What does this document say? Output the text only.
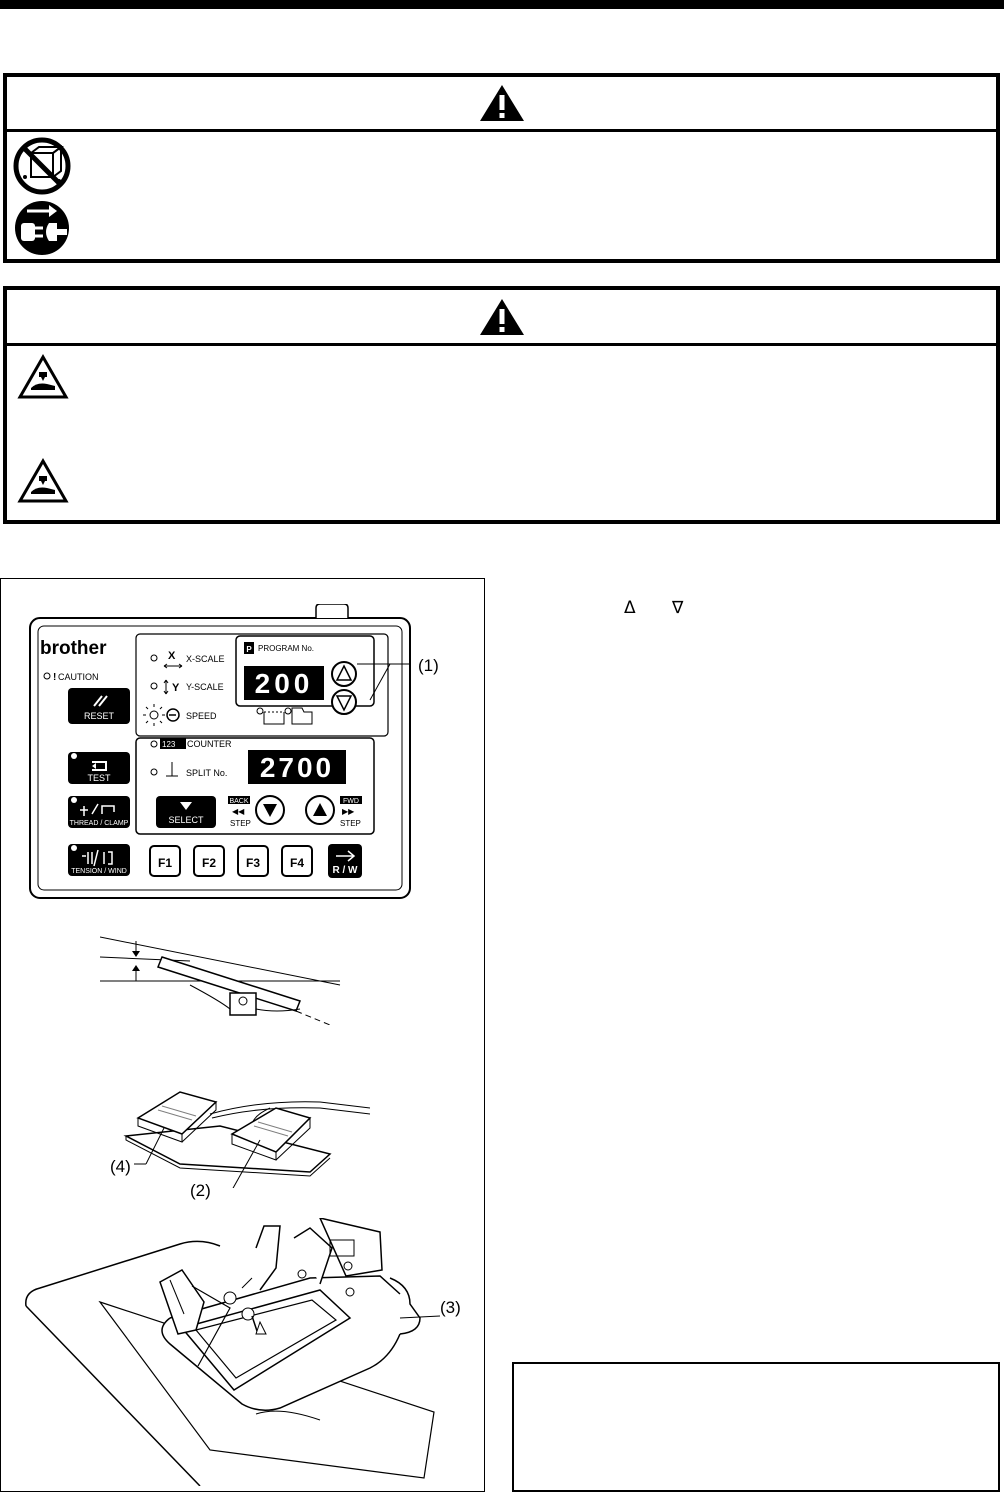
Δ ∇
brother
! CAUTION
RESET
TEST
THREAD / CLAMP
TENSION / WIND
X X-SCALE
Y Y-SCALE
SPEED
123 COUNTER
SPLIT No.
P PROGRAM No.
200
2700
SELECT
BACK
◀◀
STEP
FWD
▶▶
STEP
F1 F2 F3 F4
R / W
(1)
(4)
(2)
(3)
